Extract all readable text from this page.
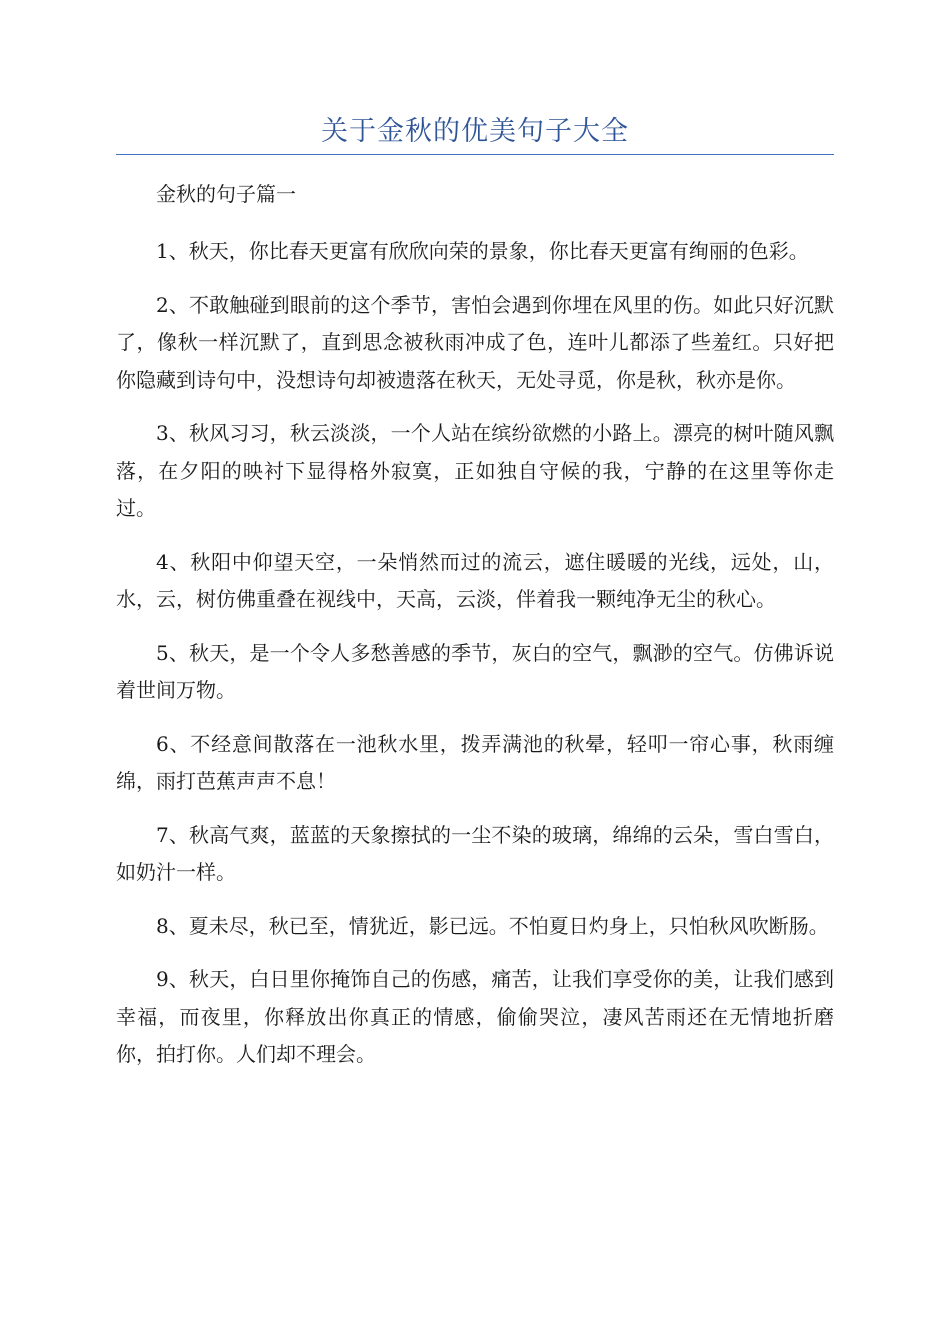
关于金秋的优美句子大全

金秋的句子篇一

1、秋天，你比春天更富有欣欣向荣的景象，你比春天更富有绚丽的色彩。

2、不敢触碰到眼前的这个季节，害怕会遇到你埋在风里的伤。如此只好沉默了，像秋一样沉默了，直到思念被秋雨冲成了色，连叶儿都添了些羞红。只好把你隐藏到诗句中，没想诗句却被遗落在秋天，无处寻觅，你是秋，秋亦是你。

3、秋风习习，秋云淡淡，一个人站在缤纷欲燃的小路上。漂亮的树叶随风飘落，在夕阳的映衬下显得格外寂寞，正如独自守候的我，宁静的在这里等你走过。

4、秋阳中仰望天空，一朵悄然而过的流云，遮住暖暖的光线，远处，山，水，云，树仿佛重叠在视线中，天高，云淡，伴着我一颗纯净无尘的秋心。

5、秋天，是一个令人多愁善感的季节，灰白的空气，飘渺的空气。仿佛诉说着世间万物。

6、不经意间散落在一池秋水里，拨弄满池的秋晕，轻叩一帘心事，秋雨缠绵，雨打芭蕉声声不息！

7、秋高气爽，蓝蓝的天象擦拭的一尘不染的玻璃，绵绵的云朵，雪白雪白，如奶汁一样。

8、夏未尽，秋已至，情犹近，影已远。不怕夏日灼身上，只怕秋风吹断肠。

9、秋天，白日里你掩饰自己的伤感，痛苦，让我们享受你的美，让我们感到幸福，而夜里，你释放出你真正的情感，偷偷哭泣，凄风苦雨还在无情地折磨你，拍打你。人们却不理会。
